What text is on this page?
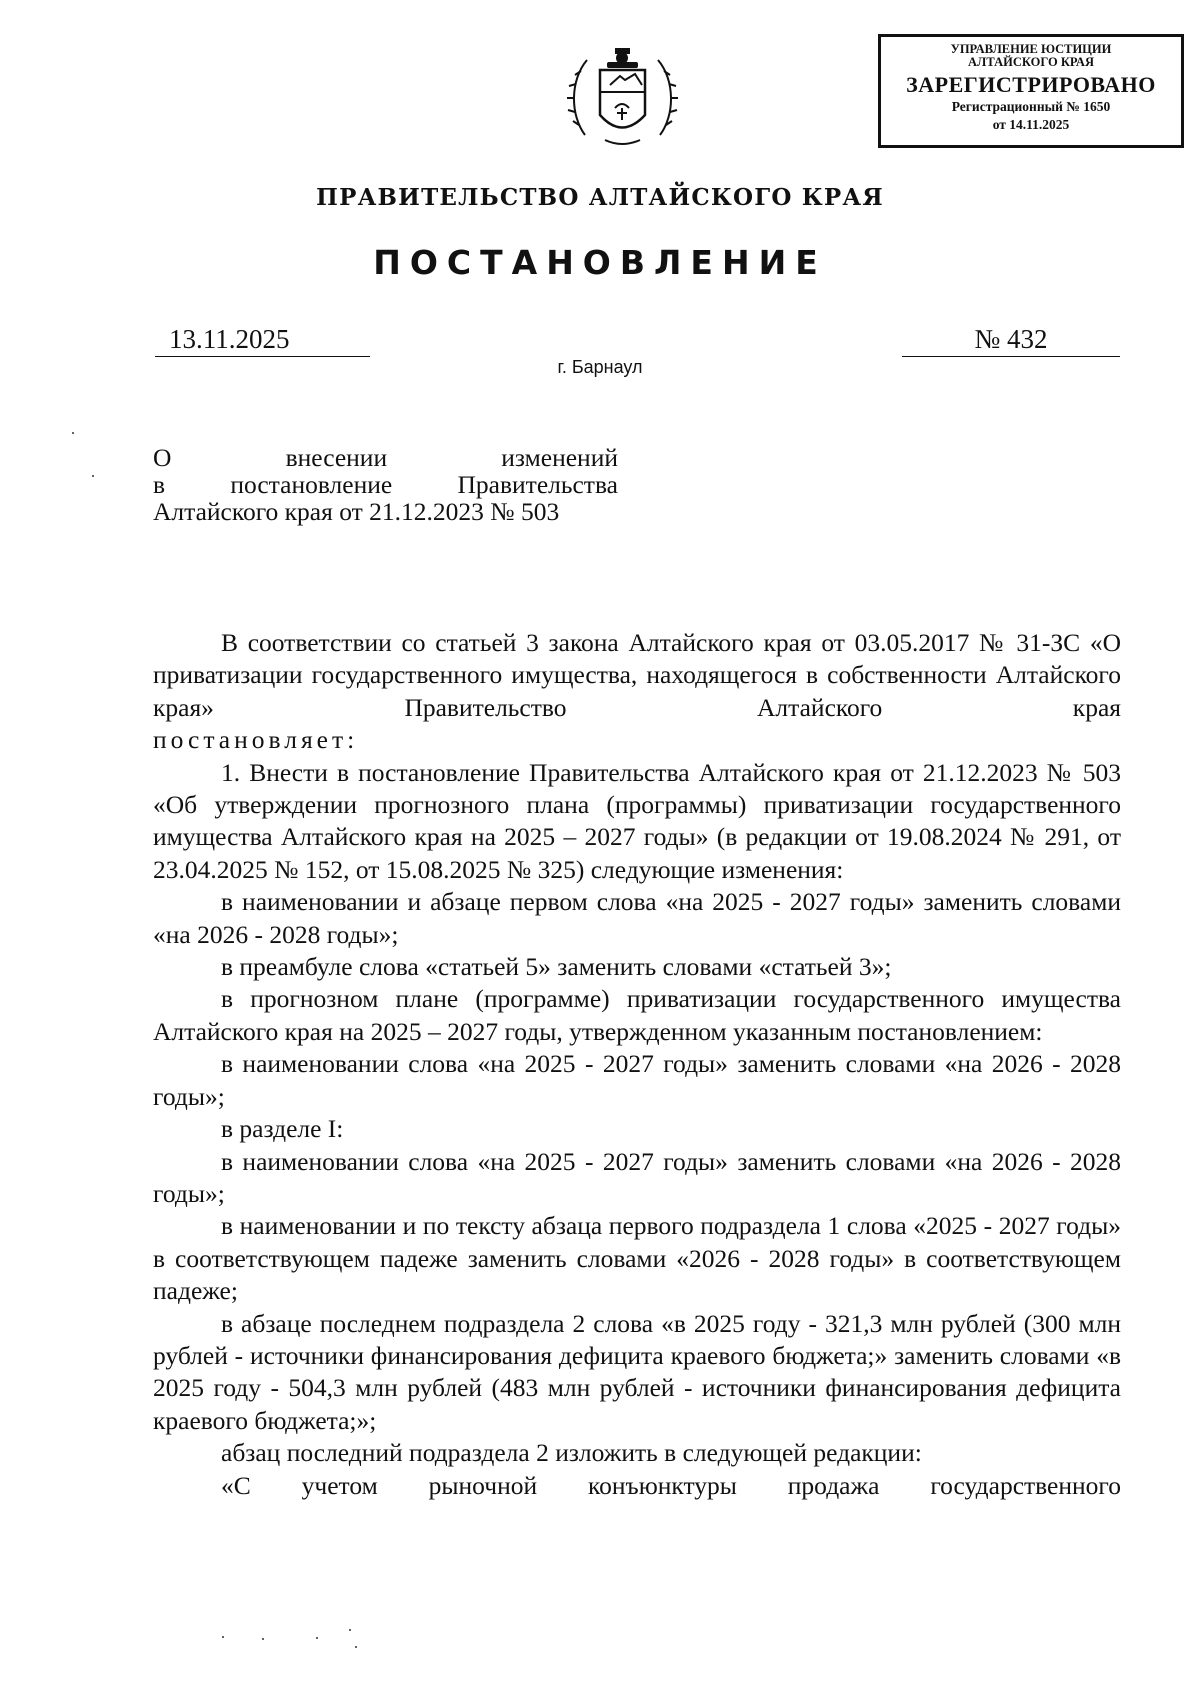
УПРАВЛЕНИЕ ЮСТИЦИИ
АЛТАЙСКОГО КРАЯ
ЗАРЕГИСТРИРОВАНО
Регистрационный № 1650
от 14.11.2025
ПРАВИТЕЛЬСТВО АЛТАЙСКОГО КРАЯ
ПОСТАНОВЛЕНИЕ
13.11.2025	№ 432
г. Барнаул
О	внесении	изменений
в	постановление	Правительства
Алтайского края от 21.12.2023 № 503

В соответствии со статьей 3 закона Алтайского края от 03.05.2017 № 31-ЗС «О приватизации государственного имущества, находящегося в собственности Алтайского края» Правительство Алтайского края

постановляет:

1. Внести в постановление Правительства Алтайского края от 21.12.2023 № 503 «Об утверждении прогнозного плана (программы) приватизации государственного имущества Алтайского края на 2025 – 2027 годы» (в редакции от 19.08.2024 № 291, от 23.04.2025 № 152, от 15.08.2025 № 325) следующие изменения:

в наименовании и абзаце первом слова «на 2025 - 2027 годы» заменить словами «на 2026 - 2028 годы»;

в преамбуле слова «статьей 5» заменить словами «статьей 3»;

в прогнозном плане (программе) приватизации государственного имущества Алтайского края на 2025 – 2027 годы, утвержденном указанным постановлением:

в наименовании слова «на 2025 - 2027 годы» заменить словами «на 2026 - 2028 годы»;

в разделе I:

в наименовании слова «на 2025 - 2027 годы» заменить словами «на 2026 - 2028 годы»;

в наименовании и по тексту абзаца первого подраздела 1 слова «2025 - 2027 годы» в соответствующем падеже заменить словами «2026 - 2028 годы» в соответствующем падеже;

в абзаце последнем подраздела 2 слова «в 2025 году - 321,3 млн рублей (300 млн рублей - источники финансирования дефицита краевого бюджета;» заменить словами «в 2025 году - 504,3 млн рублей (483 млн рублей - источники финансирования дефицита краевого бюджета;»;

абзац последний подраздела 2 изложить в следующей редакции:

«С учетом рыночной конъюнктуры продажа государственного
